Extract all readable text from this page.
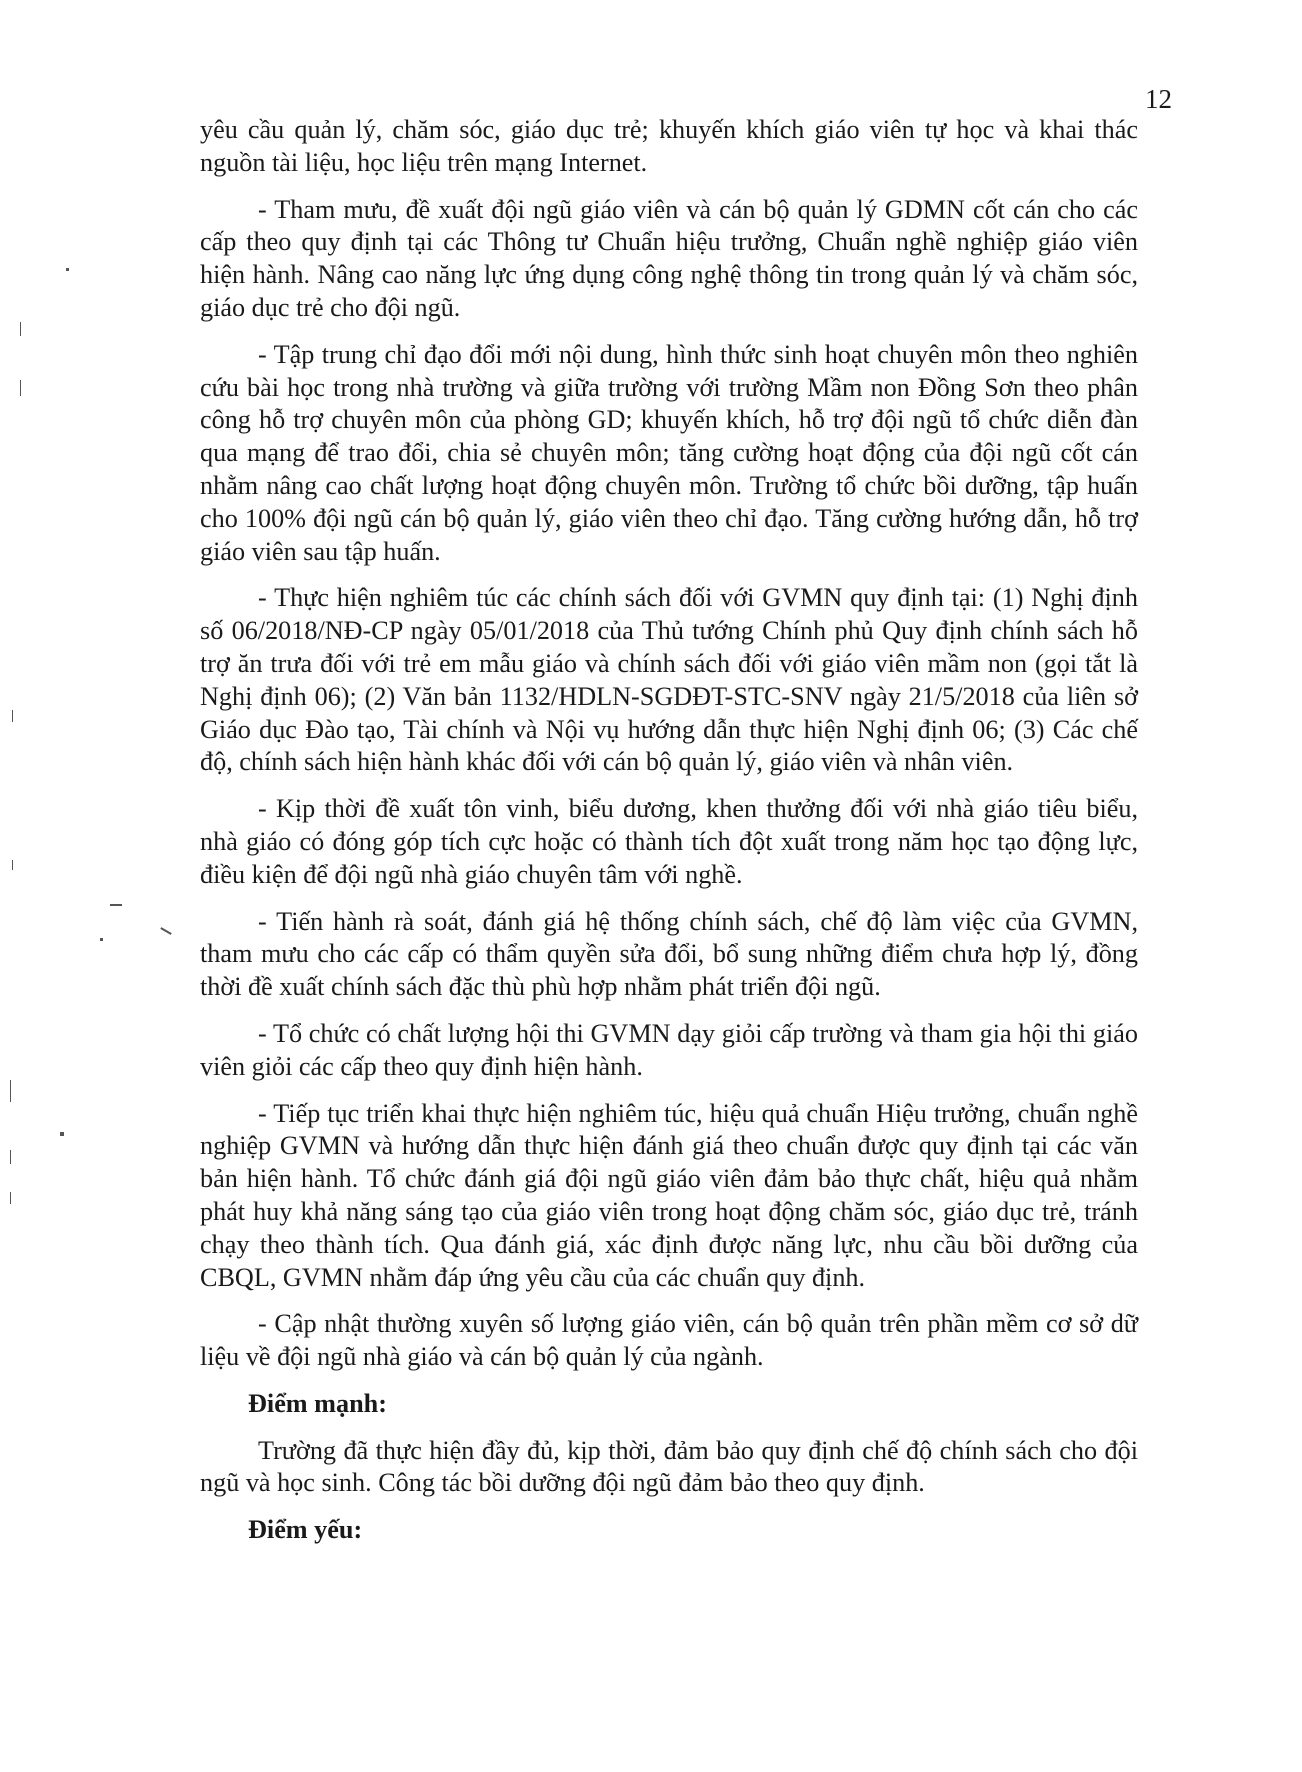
12

yêu cầu quản lý, chăm sóc, giáo dục trẻ; khuyến khích giáo viên tự học và khai thác nguồn tài liệu, học liệu trên mạng Internet.

- Tham mưu, đề xuất đội ngũ giáo viên và cán bộ quản lý GDMN cốt cán cho các cấp theo quy định tại các Thông tư Chuẩn hiệu trưởng, Chuẩn nghề nghiệp giáo viên hiện hành. Nâng cao năng lực ứng dụng công nghệ thông tin trong quản lý và chăm sóc, giáo dục trẻ cho đội ngũ.

- Tập trung chỉ đạo đổi mới nội dung, hình thức sinh hoạt chuyên môn theo nghiên cứu bài học trong nhà trường và giữa trường với trường Mầm non Đồng Sơn theo phân công hỗ trợ chuyên môn của phòng GD; khuyến khích, hỗ trợ đội ngũ tổ chức diễn đàn qua mạng để trao đổi, chia sẻ chuyên môn; tăng cường hoạt động của đội ngũ cốt cán nhằm nâng cao chất lượng hoạt động chuyên môn. Trường tổ chức bồi dưỡng, tập huấn cho 100% đội ngũ cán bộ quản lý, giáo viên theo chỉ đạo. Tăng cường hướng dẫn, hỗ trợ giáo viên sau tập huấn.

- Thực hiện nghiêm túc các chính sách đối với GVMN quy định tại: (1) Nghị định số 06/2018/NĐ-CP ngày 05/01/2018 của Thủ tướng Chính phủ Quy định chính sách hỗ trợ ăn trưa đối với trẻ em mẫu giáo và chính sách đối với giáo viên mầm non (gọi tắt là Nghị định 06); (2) Văn bản 1132/HDLN-SGDĐT-STC-SNV ngày 21/5/2018 của liên sở Giáo dục Đào tạo, Tài chính và Nội vụ hướng dẫn thực hiện Nghị định 06; (3) Các chế độ, chính sách hiện hành khác đối với cán bộ quản lý, giáo viên và nhân viên.

- Kịp thời đề xuất tôn vinh, biểu dương, khen thưởng đối với nhà giáo tiêu biểu, nhà giáo có đóng góp tích cực hoặc có thành tích đột xuất trong năm học tạo động lực, điều kiện để đội ngũ nhà giáo chuyên tâm với nghề.

- Tiến hành rà soát, đánh giá hệ thống chính sách, chế độ làm việc của GVMN, tham mưu cho các cấp có thẩm quyền sửa đổi, bổ sung những điểm chưa hợp lý, đồng thời đề xuất chính sách đặc thù phù hợp nhằm phát triển đội ngũ.

- Tổ chức có chất lượng hội thi GVMN dạy giỏi cấp trường và tham gia hội thi giáo viên giỏi các cấp theo quy định hiện hành.

- Tiếp tục triển khai thực hiện nghiêm túc, hiệu quả chuẩn Hiệu trưởng, chuẩn nghề nghiệp GVMN và hướng dẫn thực hiện đánh giá theo chuẩn được quy định tại các văn bản hiện hành. Tổ chức đánh giá đội ngũ giáo viên đảm bảo thực chất, hiệu quả nhằm phát huy khả năng sáng tạo của giáo viên trong hoạt động chăm sóc, giáo dục trẻ, tránh chạy theo thành tích. Qua đánh giá, xác định được năng lực, nhu cầu bồi dưỡng của CBQL, GVMN nhằm đáp ứng yêu cầu của các chuẩn quy định.

- Cập nhật thường xuyên số lượng giáo viên, cán bộ quản trên phần mềm cơ sở dữ liệu về đội ngũ nhà giáo và cán bộ quản lý của ngành.

Điểm mạnh:

Trường đã thực hiện đầy đủ, kịp thời, đảm bảo quy định chế độ chính sách cho đội ngũ và học sinh. Công tác bồi dưỡng đội ngũ đảm bảo theo quy định.

Điểm yếu:
